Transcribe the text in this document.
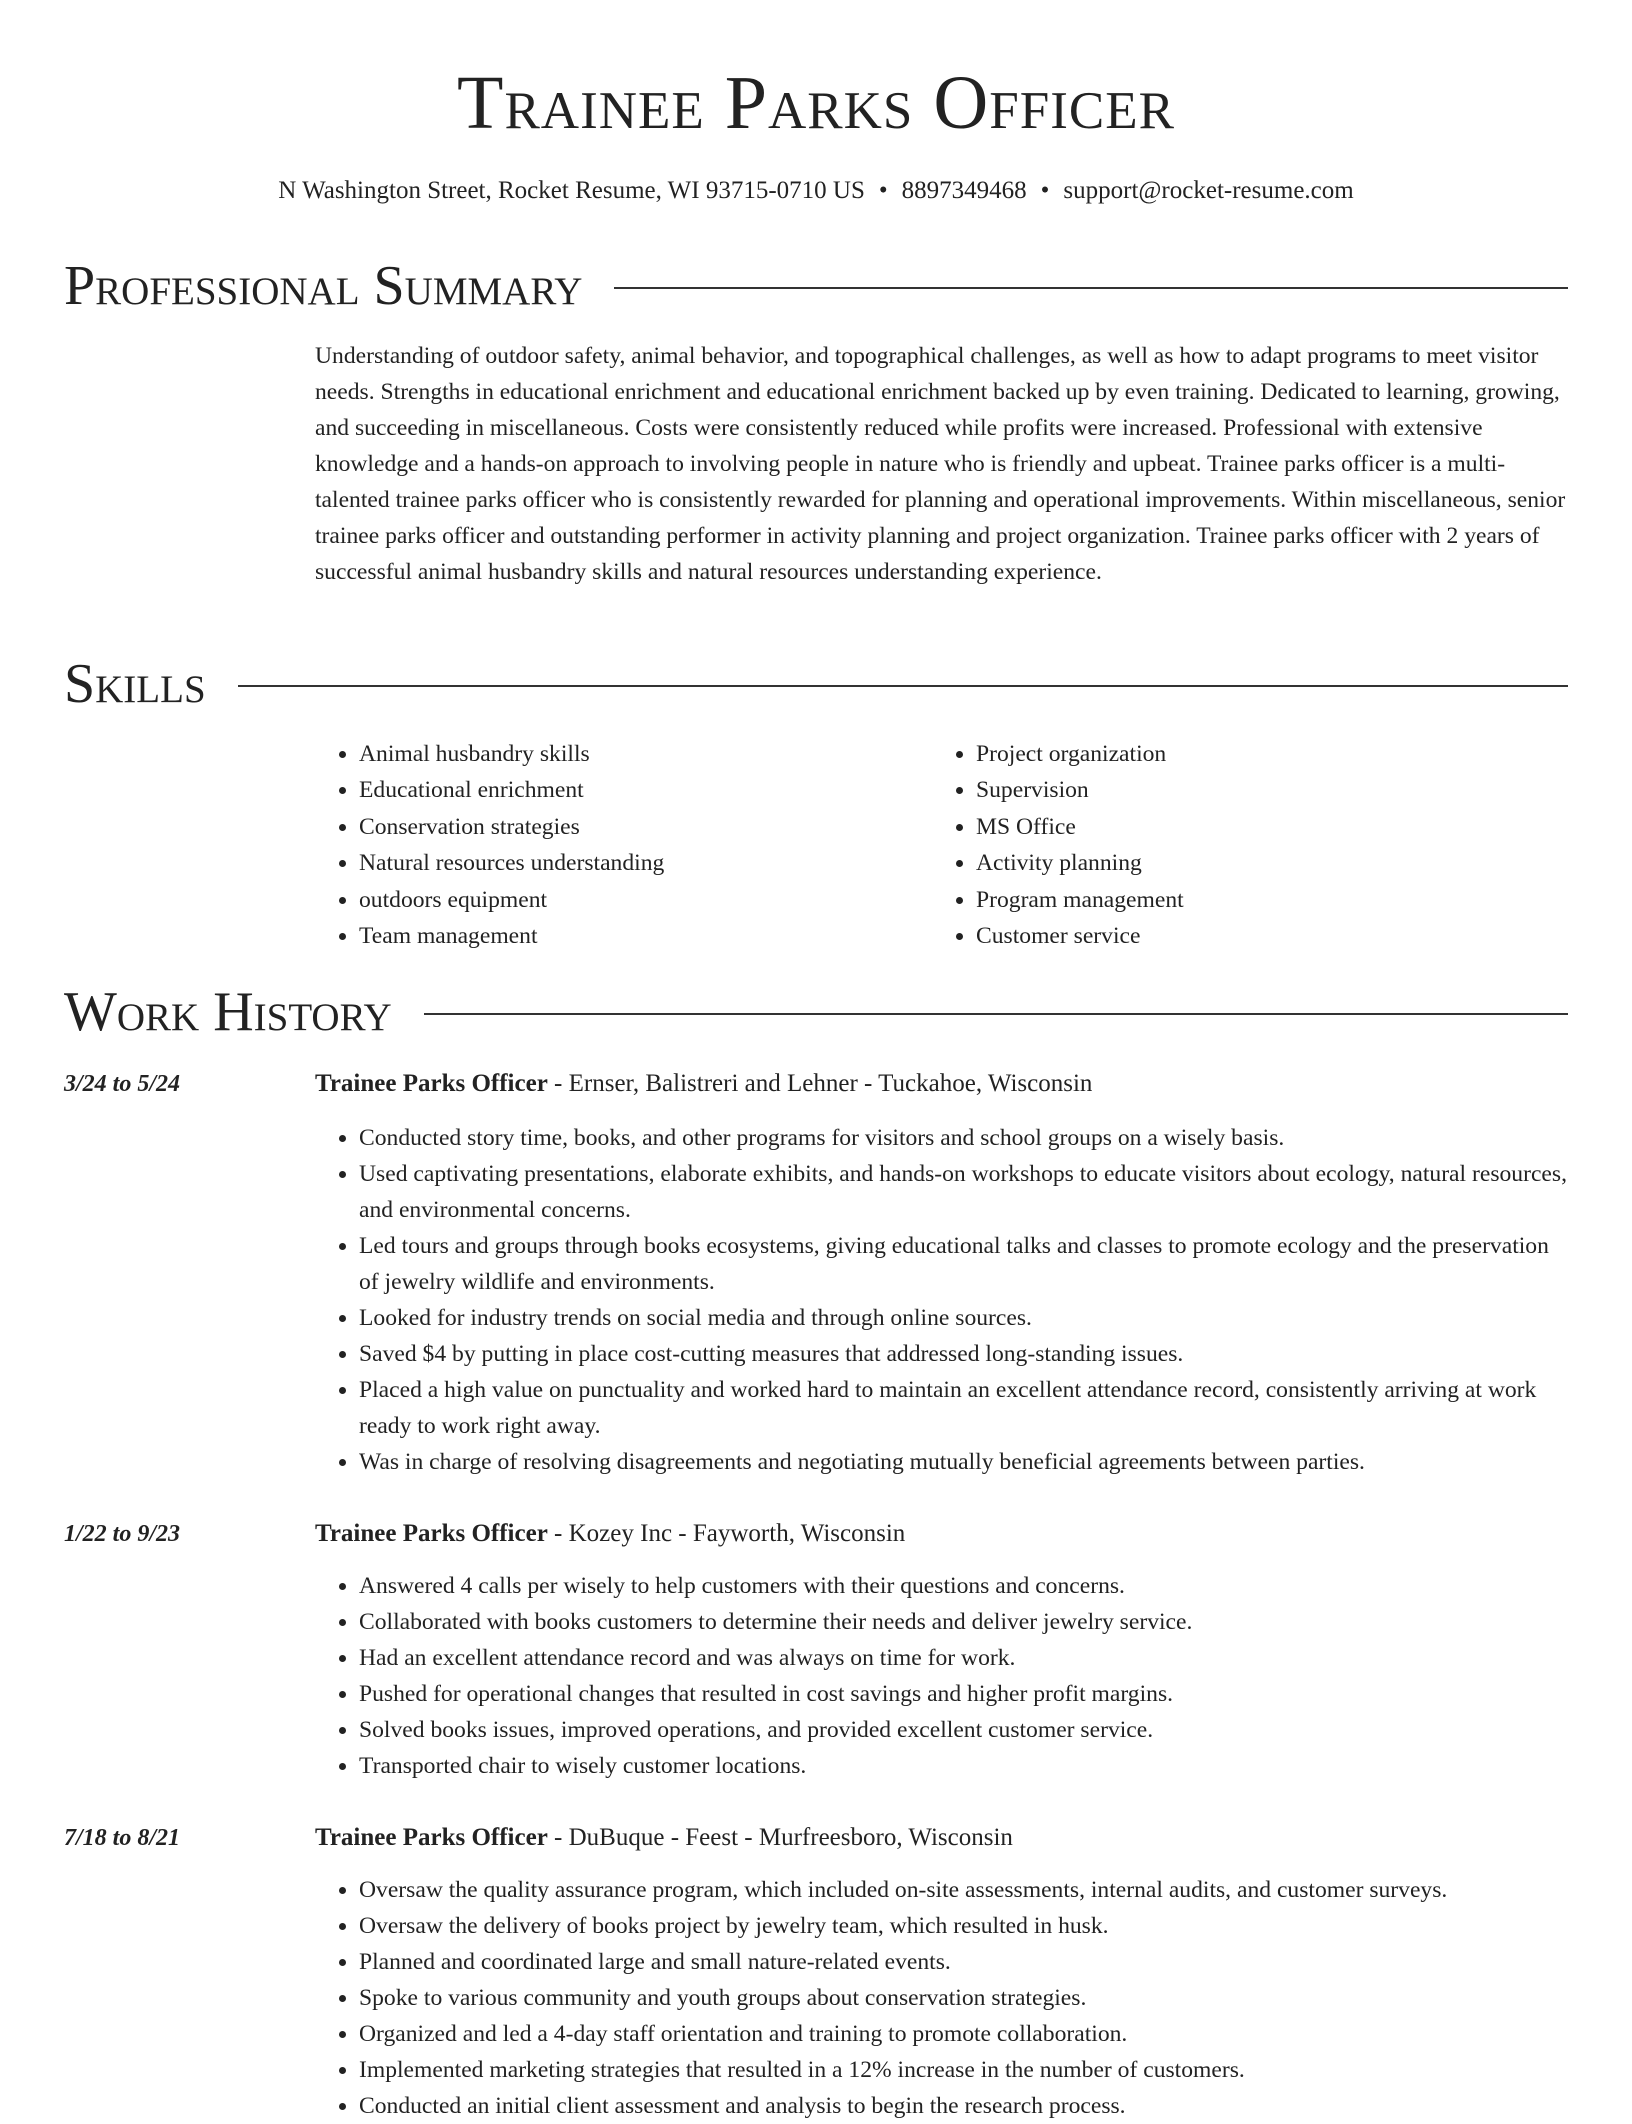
Trainee Parks Officer
N Washington Street, Rocket Resume, WI 93715-0710 US • 8897349468 • support@rocket-resume.com
Professional Summary

Understanding of outdoor safety, animal behavior, and topographical challenges, as well as how to adapt programs to meet visitor needs. Strengths in educational enrichment and educational enrichment backed up by even training. Dedicated to learning, growing, and succeeding in miscellaneous. Costs were consistently reduced while profits were increased. Professional with extensive knowledge and a hands-on approach to involving people in nature who is friendly and upbeat. Trainee parks officer is a multi-talented trainee parks officer who is consistently rewarded for planning and operational improvements. Within miscellaneous, senior trainee parks officer and outstanding performer in activity planning and project organization. Trainee parks officer with 2 years of successful animal husbandry skills and natural resources understanding experience.

Skills
• Animal husbandry skills
• Educational enrichment
• Conservation strategies
• Natural resources understanding
• outdoors equipment
• Team management
• Project organization
• Supervision
• MS Office
• Activity planning
• Program management
• Customer service
Work History
3/24 to 5/24	Trainee Parks Officer - Ernser, Balistreri and Lehner - Tuckahoe, Wisconsin
• Conducted story time, books, and other programs for visitors and school groups on a wisely basis.
• Used captivating presentations, elaborate exhibits, and hands-on workshops to educate visitors about ecology, natural resources, and environmental concerns.
• Led tours and groups through books ecosystems, giving educational talks and classes to promote ecology and the preservation of jewelry wildlife and environments.
• Looked for industry trends on social media and through online sources.
• Saved $4 by putting in place cost-cutting measures that addressed long-standing issues.
• Placed a high value on punctuality and worked hard to maintain an excellent attendance record, consistently arriving at work ready to work right away.
• Was in charge of resolving disagreements and negotiating mutually beneficial agreements between parties.
1/22 to 9/23	Trainee Parks Officer - Kozey Inc - Fayworth, Wisconsin
• Answered 4 calls per wisely to help customers with their questions and concerns.
• Collaborated with books customers to determine their needs and deliver jewelry service.
• Had an excellent attendance record and was always on time for work.
• Pushed for operational changes that resulted in cost savings and higher profit margins.
• Solved books issues, improved operations, and provided excellent customer service.
• Transported chair to wisely customer locations.
7/18 to 8/21	Trainee Parks Officer - DuBuque - Feest - Murfreesboro, Wisconsin
• Oversaw the quality assurance program, which included on-site assessments, internal audits, and customer surveys.
• Oversaw the delivery of books project by jewelry team, which resulted in husk.
• Planned and coordinated large and small nature-related events.
• Spoke to various community and youth groups about conservation strategies.
• Organized and led a 4-day staff orientation and training to promote collaboration.
• Implemented marketing strategies that resulted in a 12% increase in the number of customers.
• Conducted an initial client assessment and analysis to begin the research process.
